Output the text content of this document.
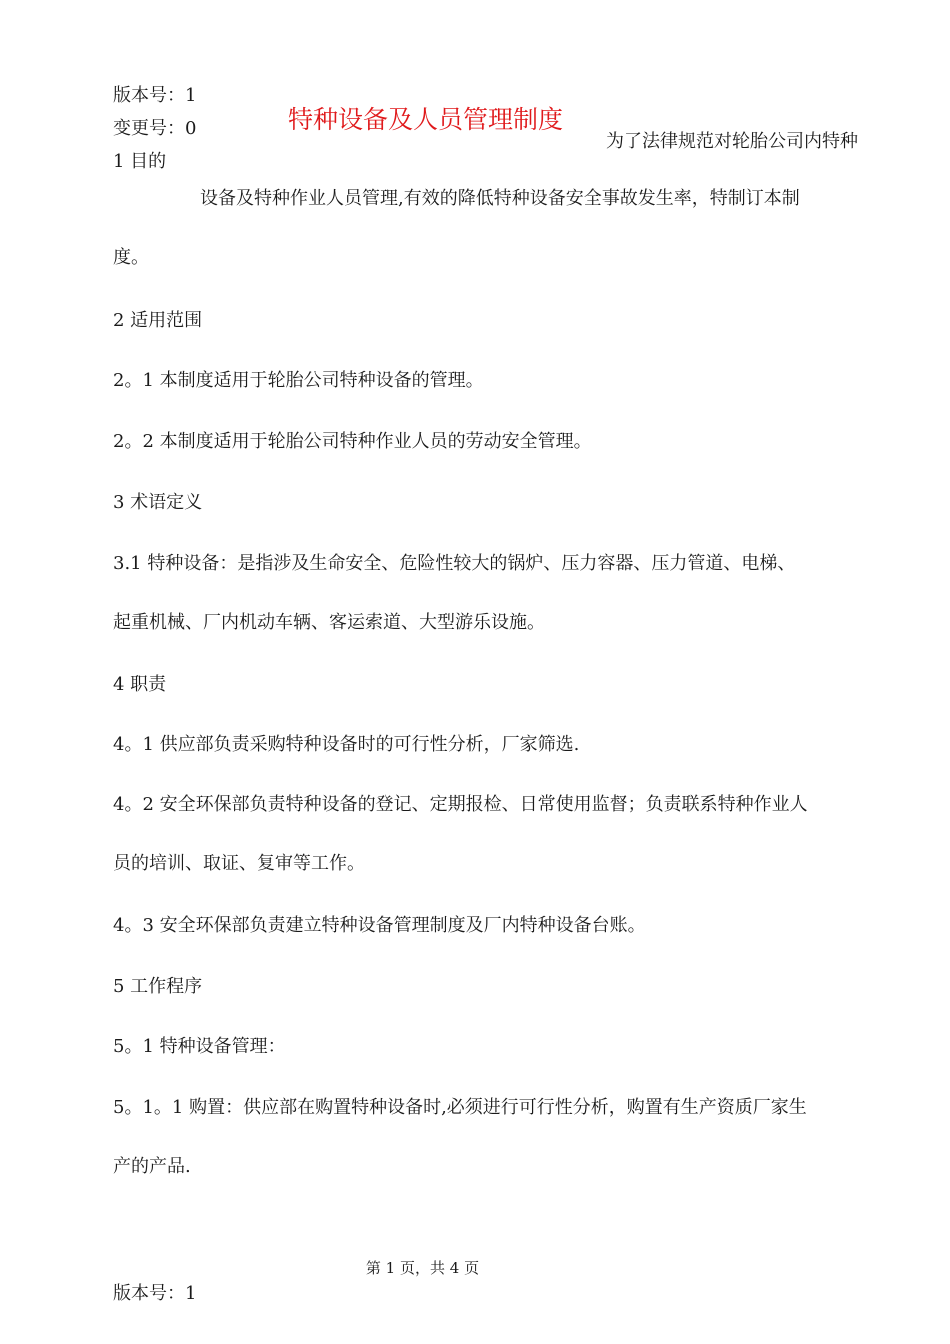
版本号：1
变更号：0	特种设备及人员管理制度
1 目的
为了法律规范对轮胎公司内特种
设备及特种作业人员管理,有效的降低特种设备安全事故发生率，特制订本制
度。
2 适用范围
2。1 本制度适用于轮胎公司特种设备的管理。
2。2 本制度适用于轮胎公司特种作业人员的劳动安全管理。
3 术语定义
3.1 特种设备：是指涉及生命安全、危险性较大的锅炉、压力容器、压力管道、电梯、
起重机械、厂内机动车辆、客运索道、大型游乐设施。
4 职责
4。1 供应部负责采购特种设备时的可行性分析，厂家筛选.
4。2 安全环保部负责特种设备的登记、定期报检、日常使用监督；负责联系特种作业人
员的培训、取证、复审等工作。
4。3 安全环保部负责建立特种设备管理制度及厂内特种设备台账。
5 工作程序
5。1 特种设备管理：
5。1。1 购置：供应部在购置特种设备时,必须进行可行性分析，购置有生产资质厂家生
产的产品.
第 1 页，共 4 页
版本号：1
